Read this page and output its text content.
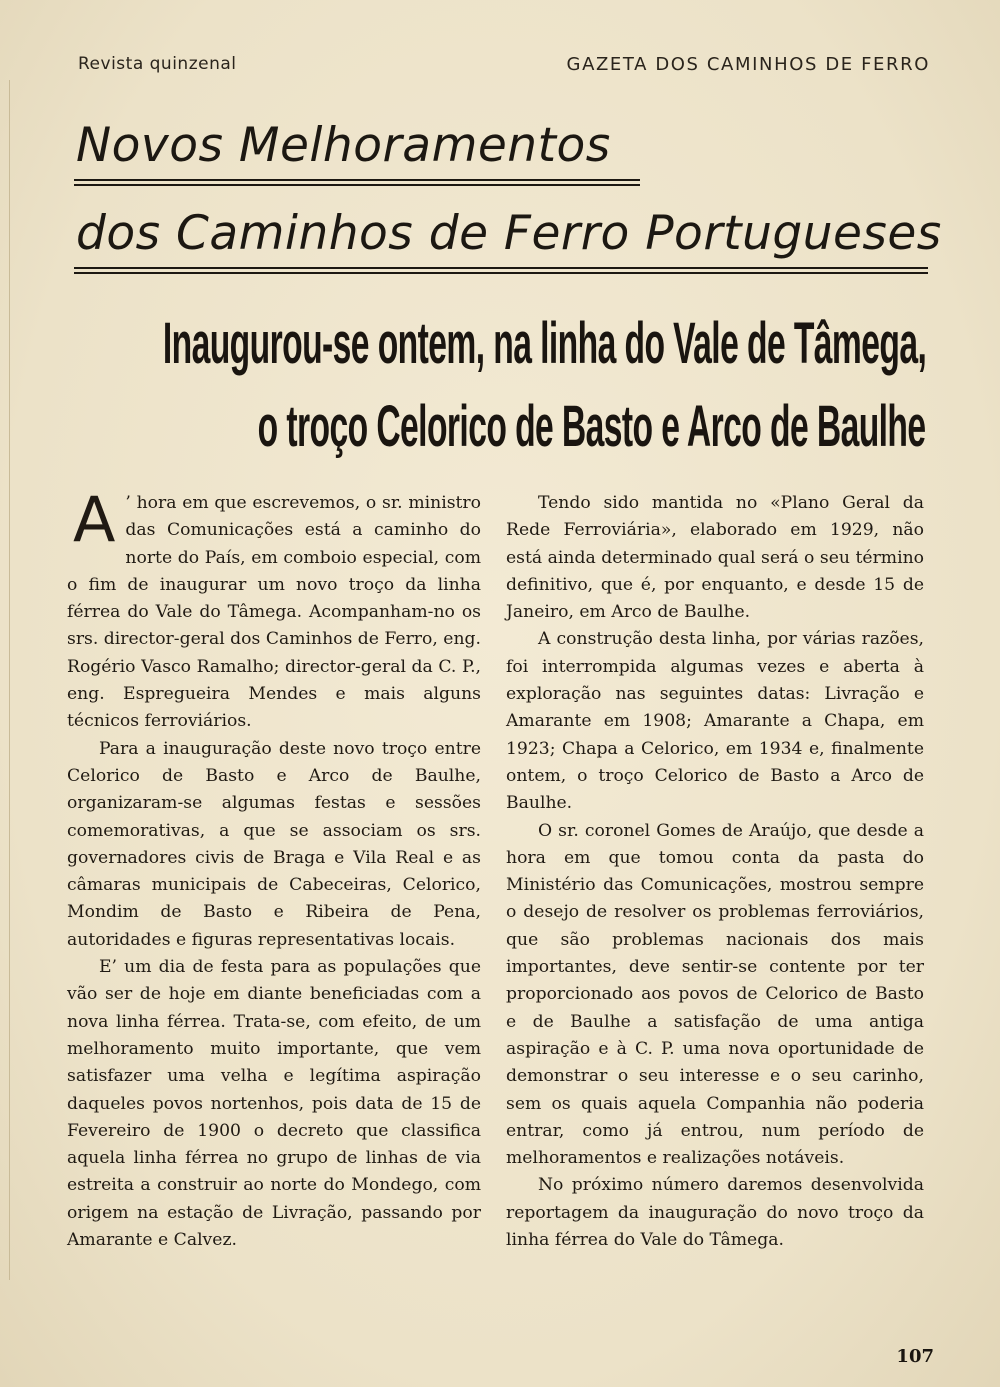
Revista quinzenal	GAZETA DOS CAMINHOS DE FERRO
Novos Melhoramentos
dos Caminhos de Ferro Portugueses
Inaugurou-se ontem, na linha do Vale de Tâmega,
o troço Celorico de Basto e Arco de Baulhe

A ’ hora em que escrevemos, o sr. ministro das Comunicações está a caminho do norte do País, em comboio especial, com o fim de inaugurar um novo troço da linha férrea do Vale do Tâmega. Acompanham-no os srs. director-geral dos Caminhos de Ferro, eng. Rogério Vasco Ramalho; director-geral da C. P., eng. Espregueira Mendes e mais alguns técnicos ferroviários.

Para a inauguração deste novo troço entre Celorico de Basto e Arco de Baulhe, organizaram-se algumas festas e sessões comemorativas, a que se associam os srs. governadores civis de Braga e Vila Real e as câmaras municipais de Cabeceiras, Celorico, Mondim de Basto e Ribeira de Pena, autoridades e figuras representativas locais.

E’ um dia de festa para as populações que vão ser de hoje em diante beneficiadas com a nova linha férrea. Trata-se, com efeito, de um melhoramento muito importante, que vem satisfazer uma velha e legítima aspiração daqueles povos nortenhos, pois data de 15 de Fevereiro de 1900 o decreto que classifica aquela linha férrea no grupo de linhas de via estreita a construir ao norte do Mondego, com origem na estação de Livração, passando por Amarante e Calvez.

Tendo sido mantida no «Plano Geral da Rede Ferroviária», elaborado em 1929, não está ainda determinado qual será o seu término definitivo, que é, por enquanto, e desde 15 de Janeiro, em Arco de Baulhe.

A construção desta linha, por várias razões, foi interrompida algumas vezes e aberta à exploração nas seguintes datas: Livração e Amarante em 1908; Amarante a Chapa, em 1923; Chapa a Celorico, em 1934 e, finalmente ontem, o troço Celorico de Basto a Arco de Baulhe.

O sr. coronel Gomes de Araújo, que desde a hora em que tomou conta da pasta do Ministério das Comunicações, mostrou sempre o desejo de resolver os problemas ferroviários, que são problemas nacionais dos mais importantes, deve sentir-se contente por ter proporcionado aos povos de Celorico de Basto e de Baulhe a satisfação de uma antiga aspiração e à C. P. uma nova oportunidade de demonstrar o seu interesse e o seu carinho, sem os quais aquela Companhia não poderia entrar, como já entrou, num período de melhoramentos e realizações notáveis.

No próximo número daremos desenvolvida reportagem da inauguração do novo troço da linha férrea do Vale do Tâmega.

107
